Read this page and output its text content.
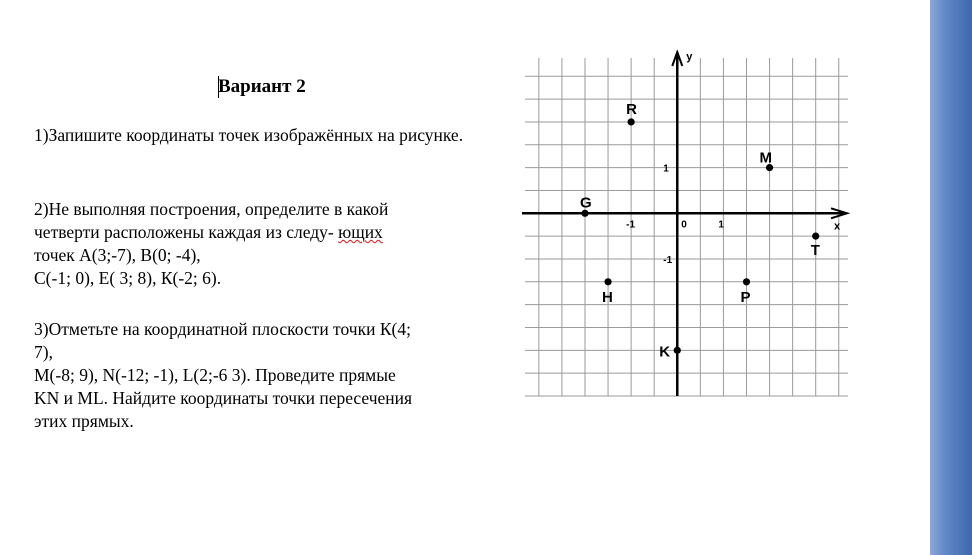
Вариант 2

1)Запишите координаты точек изображённых на рисунке.

2)Не выполняя построения, определите в какой
четверти расположены каждая из следу- ющих
точек А(3;-7), В(0; -4),
С(-1; 0), Е( 3; 8), К(-2; 6).

3)Отметьте на координатной плоскости точки К(4;
7),
М(-8; 9), N(-12; -1), L(2;-6 3). Проведите прямые
KN и ML. Найдите координаты точки пересечения
этих прямых.

x
y
-1	0	1
1
-1
R
M
G
T
H	P
K
